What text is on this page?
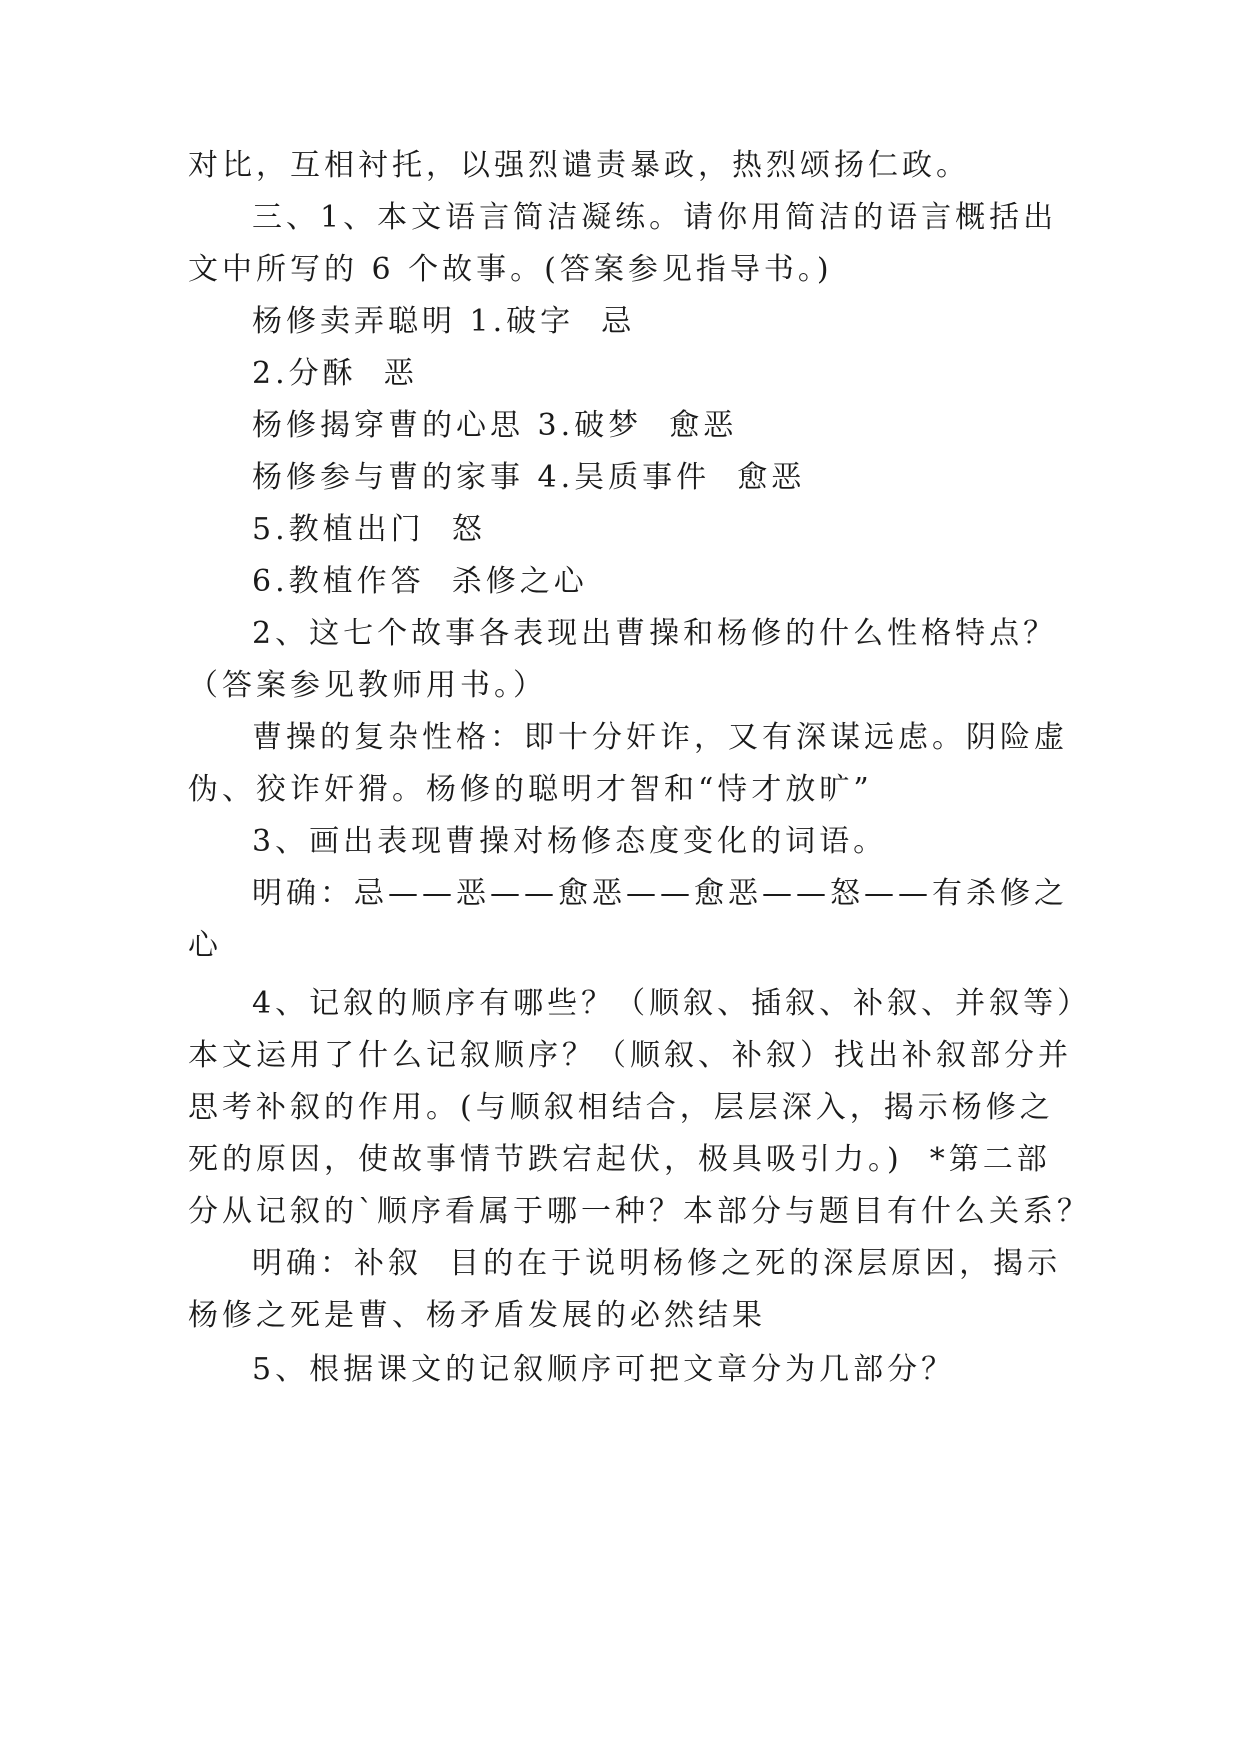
对比，互相衬托，以强烈谴责暴政，热烈颂扬仁政。
三、1、本文语言简洁凝练。请你用简洁的语言概括出
文中所写的 6 个故事。(答案参见指导书。)
杨修卖弄聪明 1.破字  忌
2.分酥  恶
杨修揭穿曹的心思 3.破梦  愈恶
杨修参与曹的家事 4.吴质事件  愈恶
5.教植出门  怒
6.教植作答  杀修之心
2、这七个故事各表现出曹操和杨修的什么性格特点？
（答案参见教师用书。）
曹操的复杂性格：即十分奸诈，又有深谋远虑。阴险虚
伪、狡诈奸猾。杨修的聪明才智和“恃才放旷”
3、画出表现曹操对杨修态度变化的词语。
明确：忌——恶——愈恶——愈恶——怒——有杀修之
心
4、记叙的顺序有哪些？（顺叙、插叙、补叙、并叙等）
本文运用了什么记叙顺序？（顺叙、补叙）找出补叙部分并
思考补叙的作用。(与顺叙相结合，层层深入，揭示杨修之
死的原因，使故事情节跌宕起伏，极具吸引力。)  *第二部
分从记叙的`顺序看属于哪一种？本部分与题目有什么关系？
明确：补叙  目的在于说明杨修之死的深层原因，揭示
杨修之死是曹、杨矛盾发展的必然结果
5、根据课文的记叙顺序可把文章分为几部分？
